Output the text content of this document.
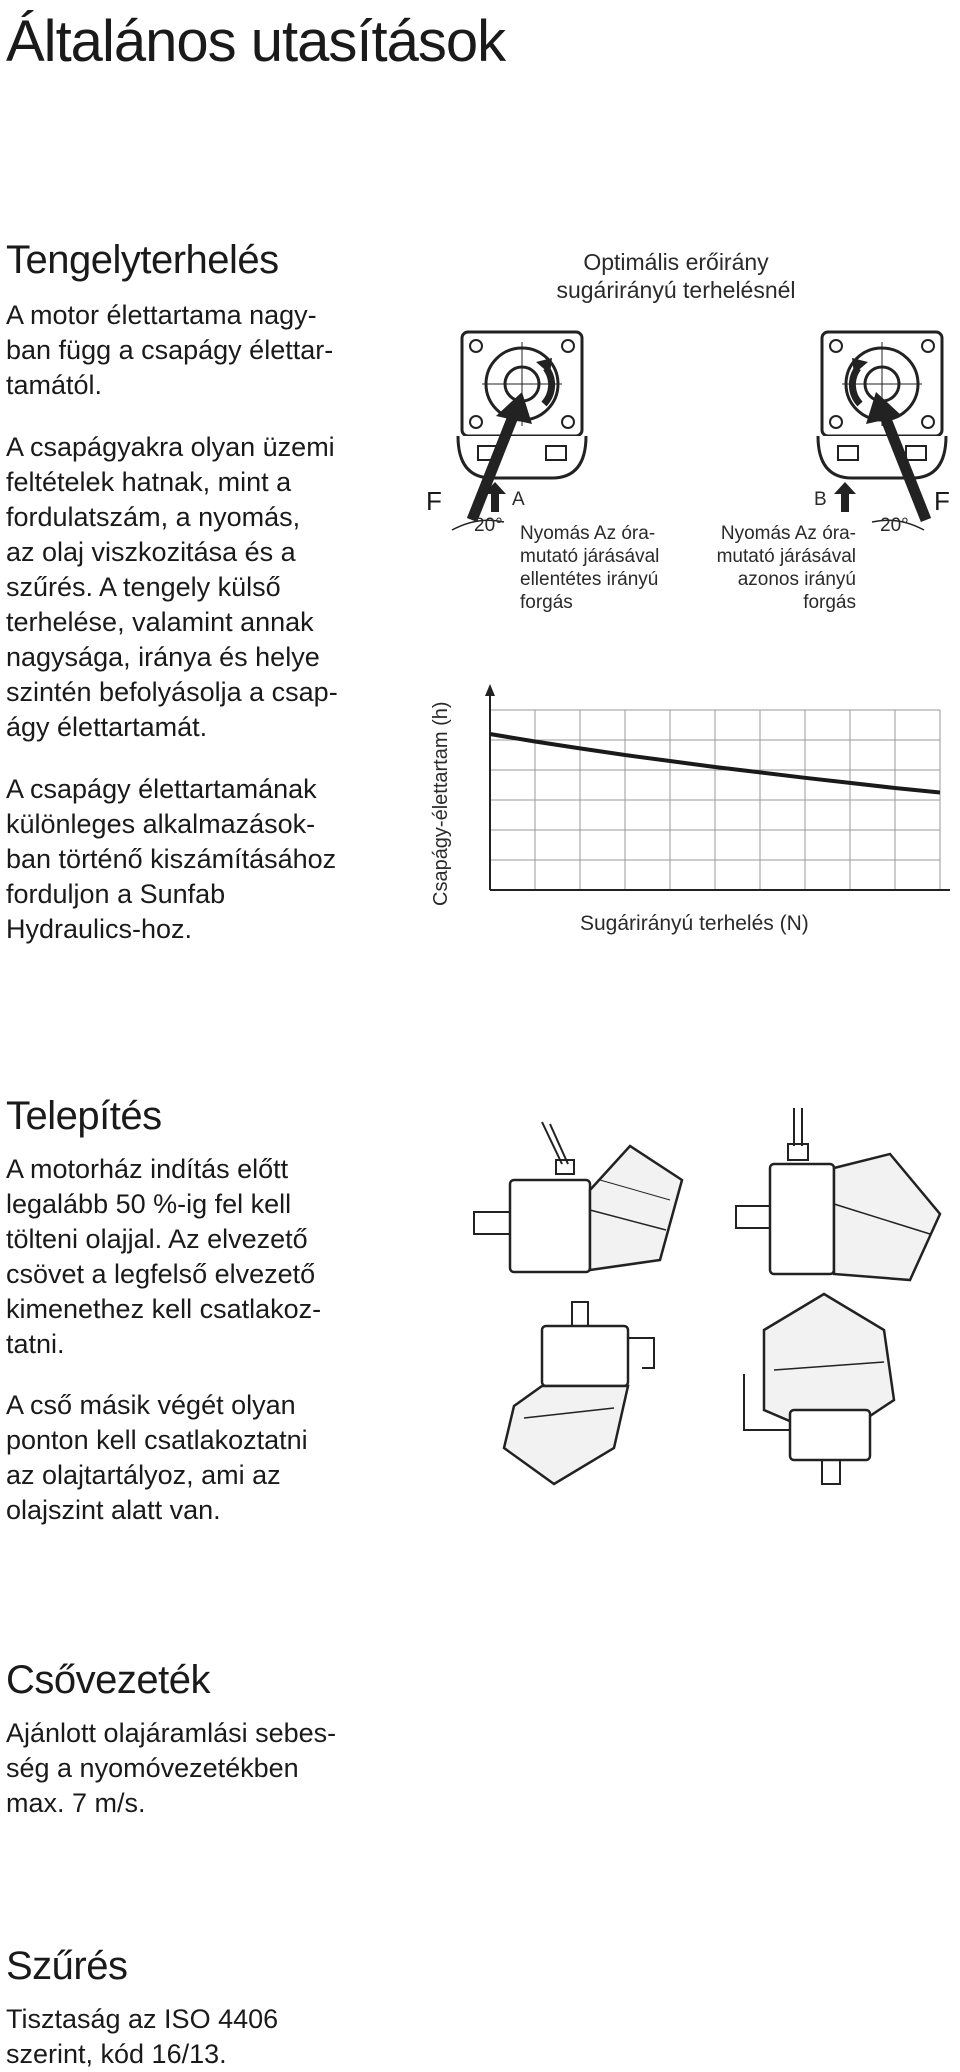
Általános utasítások
Tengelyterhelés
A motor élettartama nagy-
ban függ a csapágy élettar-
tamától.
A csapágyakra olyan üzemi
feltételek hatnak, mint a
fordulatszám, a nyomás,
az olaj viszkozitása és a
szűrés. A tengely külső
terhelése, valamint annak
nagysága, iránya és helye
szintén befolyásolja a csap-
ágy élettartamát.
A csapágy élettartamának
különleges alkalmazások-
ban történő kiszámításához
forduljon a Sunfab
Hydraulics-hoz.
Optimális erőirány
sugárirányú terhelésnél
F	A
20° Nyomás Az óra-
mutató járásával
ellentétes irányú
forgás
B	F
20°
Nyomás Az óra-
mutató járásával
azonos irányú
forgás

Csapágy-élettartam (h)

Sugárirányú terhelés (N)
Telepítés
A motorház indítás előtt
legalább 50 %-ig fel kell
tölteni olajjal. Az elvezető
csövet a legfelső elvezető
kimenethez kell csatlakoz-
tatni.
A cső másik végét olyan
ponton kell csatlakoztatni
az olajtartályoz, ami az
olajszint alatt van.
Csővezeték
Ajánlott olajáramlási sebes-
ség a nyomóvezetékben
max. 7 m/s.
Szűrés
Tisztaság az ISO 4406
szerint, kód 16/13.
